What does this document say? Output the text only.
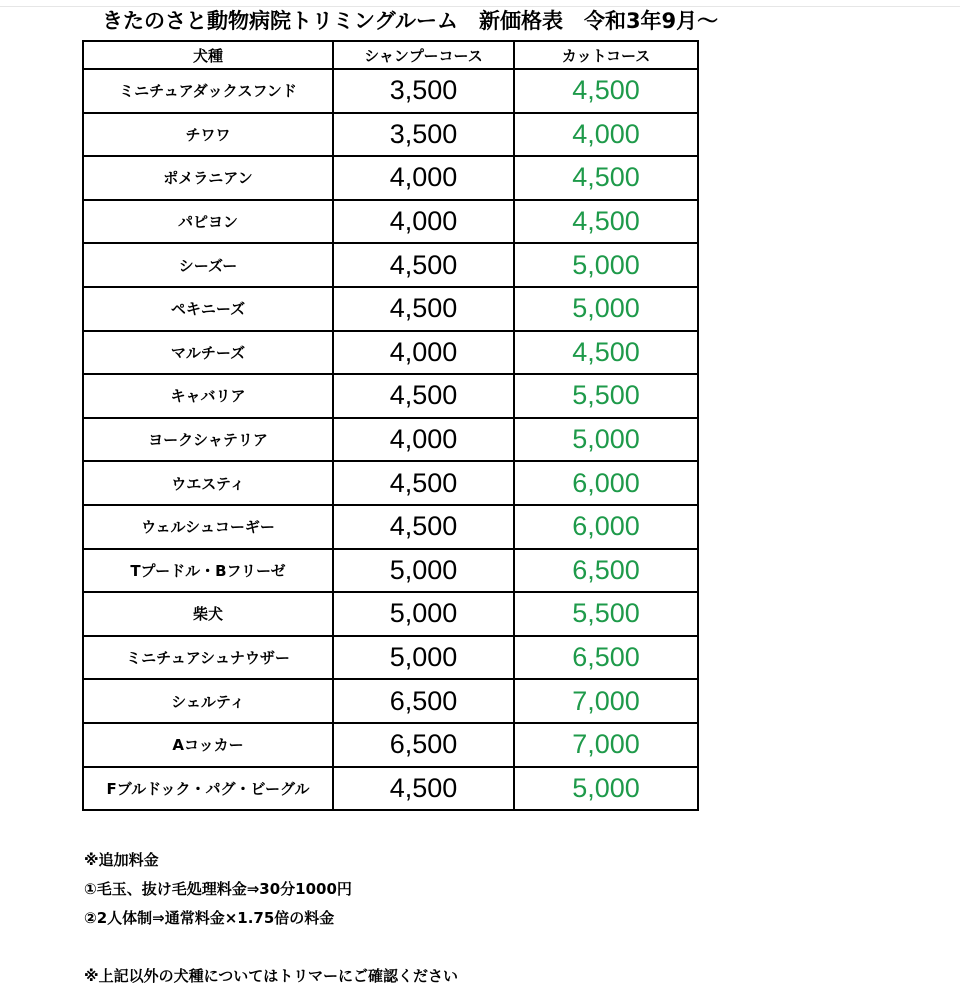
きたのさと動物病院トリミングルーム　新価格表　令和3年9月〜
犬種	シャンプーコース	カットコース
ミニチュアダックスフンド	3,500	4,500
チワワ	3,500	4,000
ポメラニアン	4,000	4,500
パピヨン	4,000	4,500
シーズー	4,500	5,000
ペキニーズ	4,500	5,000
マルチーズ	4,000	4,500
キャバリア	4,500	5,500
ヨークシャテリア	4,000	5,000
ウエスティ	4,500	6,000
ウェルシュコーギー	4,500	6,000
Tプードル・Bフリーゼ	5,000	6,500
柴犬	5,000	5,500
ミニチュアシュナウザー	5,000	6,500
シェルティ	6,500	7,000
Aコッカー	6,500	7,000
Fブルドック・パグ・ビーグル	4,500	5,000
※追加料金
①毛玉、抜け毛処理料金⇒30分1000円
②2人体制⇒通常料金×1.75倍の料金
※上記以外の犬種についてはトリマーにご確認ください
